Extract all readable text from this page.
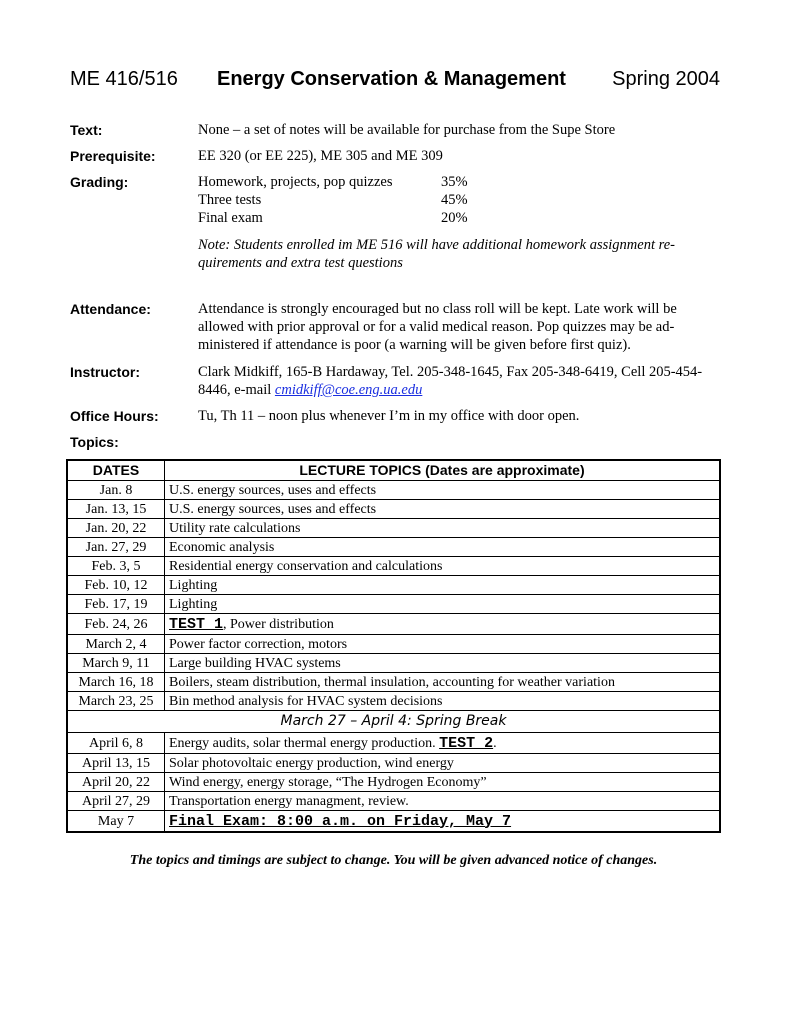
ME 416/516 Energy Conservation & Management Spring 2004
Text:	None – a set of notes will be available for purchase from the Supe Store
Prerequisite:	EE 320 (or EE 225), ME 305 and ME 309
Grading:	Homework, projects, pop quizzes	35%
Three tests	45%
Final exam	20%
Note: Students enrolled im ME 516 will have additional homework assignment re-quirements and extra test questions
Attendance:	Attendance is strongly encouraged but no class roll will be kept. Late work will be allowed with prior approval or for a valid medical reason. Pop quizzes may be ad-ministered if attendance is poor (a warning will be given before first quiz).
Instructor:	Clark Midkiff, 165-B Hardaway, Tel. 205-348-1645, Fax 205-348-6419, Cell 205-454-8446, e-mail cmidkiff@coe.eng.ua.edu
Office Hours:	Tu, Th 11 – noon plus whenever I’m in my office with door open.
Topics:
DATES	LECTURE TOPICS (Dates are approximate)
Jan. 8	U.S. energy sources, uses and effects
Jan. 13, 15	U.S. energy sources, uses and effects
Jan. 20, 22	Utility rate calculations
Jan. 27, 29	Economic analysis
Feb. 3, 5	Residential energy conservation and calculations
Feb. 10, 12	Lighting
Feb. 17, 19	Lighting
Feb. 24, 26	TEST 1, Power distribution
March 2, 4	Power factor correction, motors
March 9, 11	Large building HVAC systems
March 16, 18	Boilers, steam distribution, thermal insulation, accounting for weather variation
March 23, 25	Bin method analysis for HVAC system decisions
March 27 – April 4: Spring Break	
April 6, 8	Energy audits, solar thermal energy production. TEST 2.
April 13, 15	Solar photovoltaic energy production, wind energy
April 20, 22	Wind energy, energy storage, “The Hydrogen Economy”
April 27, 29	Transportation energy managment, review.
May 7	Final Exam: 8:00 a.m. on Friday, May 7
The topics and timings are subject to change. You will be given advanced notice of changes.
